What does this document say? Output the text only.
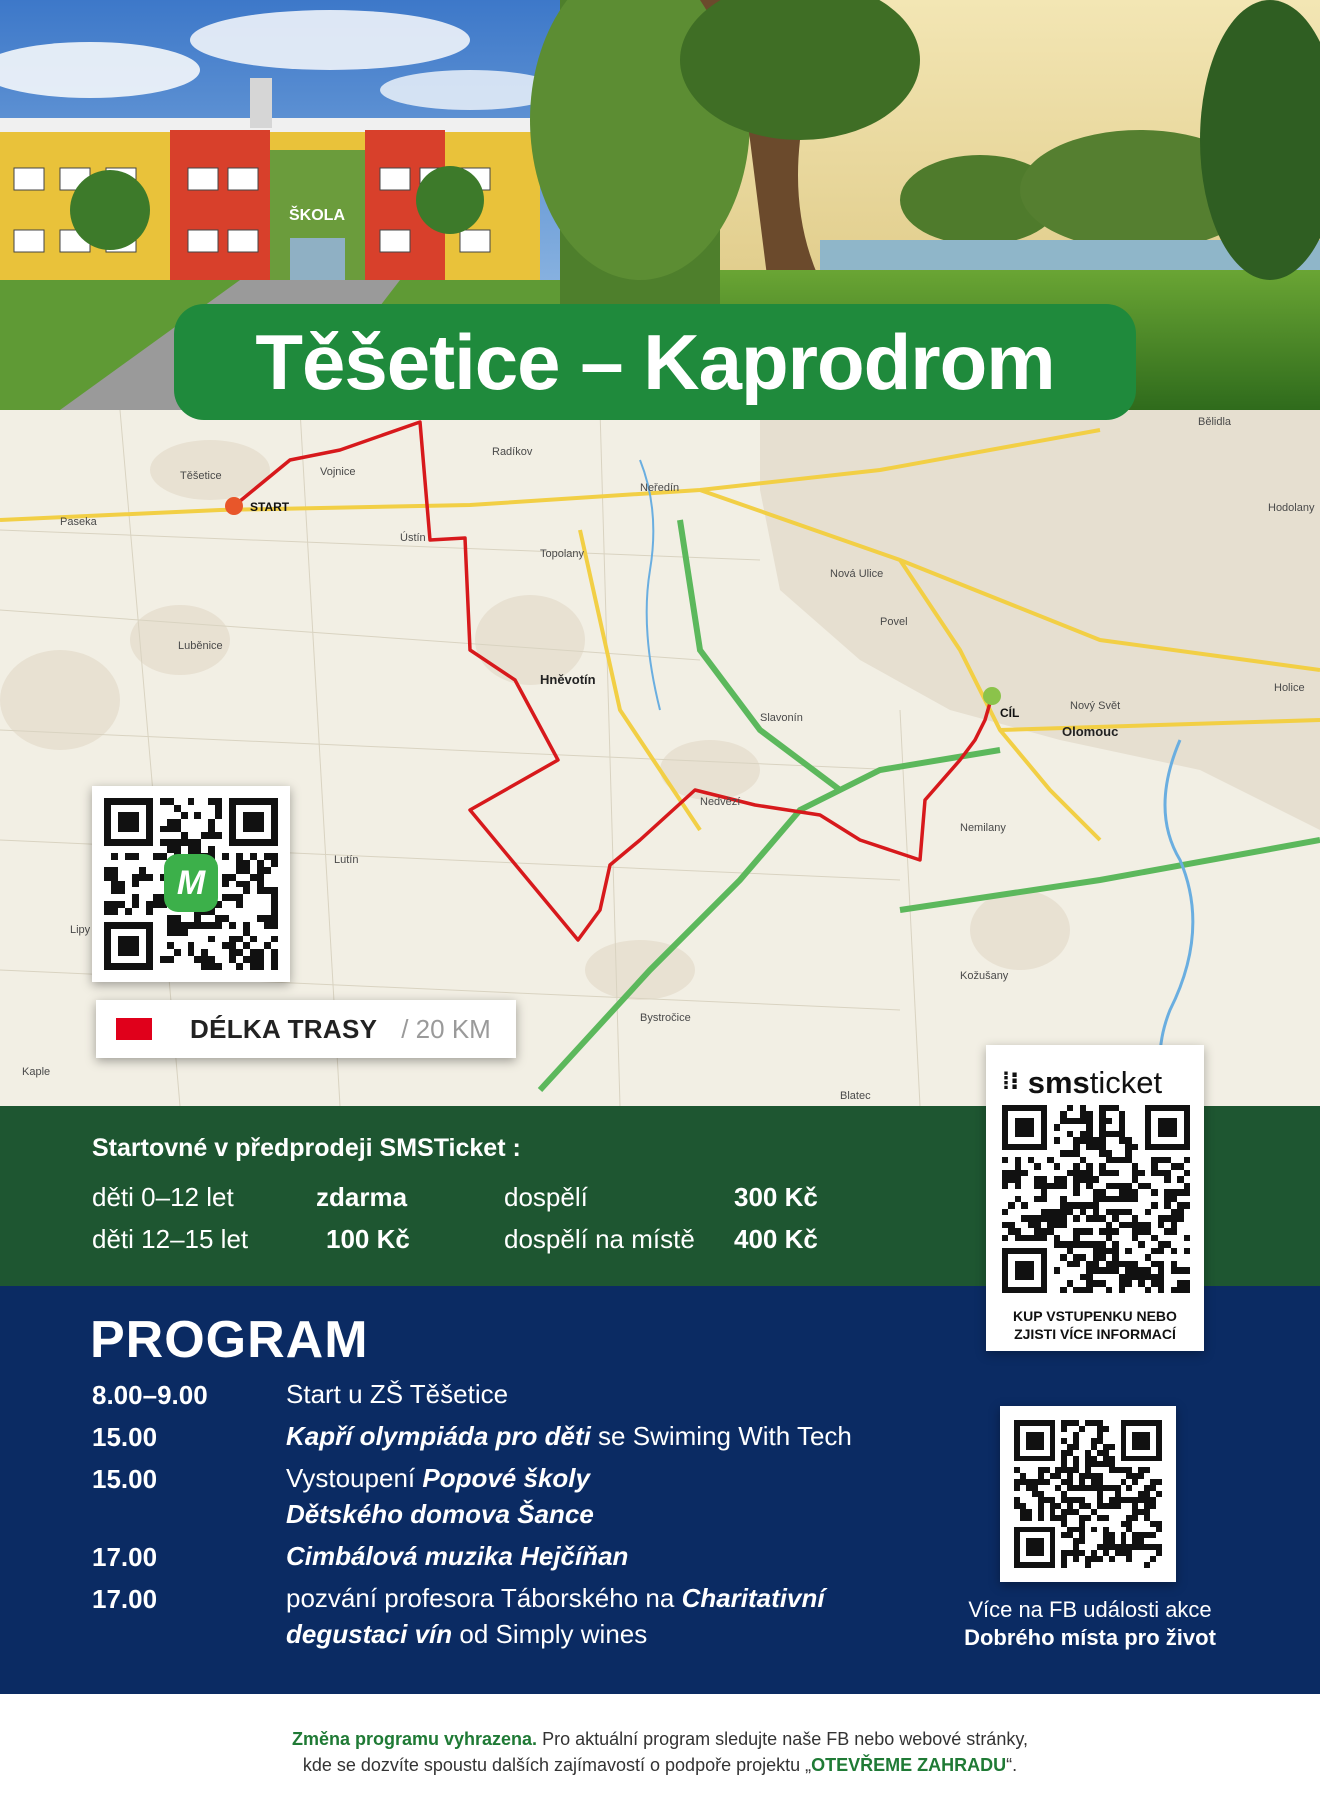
ŠKOLA
Těšetice – Kaprodrom
START
CÍL
Těšetice	Vojnice
Ústín
Topolany
Neředín
Luběnice
Hněvotín
Slavonín
Nedvězí
Povel
Nová Ulice
Olomouc
Nový Svět
Holice
Nemilany
Lutín
Bystročice
Kožušany
Blatec
Hodolany
Bělidla
Kaple
Lipy
Radíkov
Paseka
M
DÉLKA TRASY / 20 KM
Startovné v předprodeji SMSTicket :
děti 0–12 let	zdarma	dospělí	300 Kč
děti 12–15 let	100 Kč	dospělí na místě 400 Kč
PROGRAM
8.00–9.00	Start u ZŠ Těšetice
15.00	Kapří olympiáda pro děti se Swiming With Tech
15.00	Vystoupení Popové školy
Dětského domova Šance
17.00	Cimbálová muzika Hejčíňan
17.00	pozvání profesora Táborského na Charitativní
degustaci vín od Simply wines
Více na FB události akce
Dobrého místa pro život
⁞⁝ smsticket
KUP VSTUPENKU NEBO
ZJISTI VÍCE INFORMACÍ

Změna programu vyhrazena. Pro aktuální program sledujte naše FB nebo webové stránky,

kde se dozvíte spoustu dalších zajímavostí o podpoře projektu „OTEVŘEME ZAHRADU“.
